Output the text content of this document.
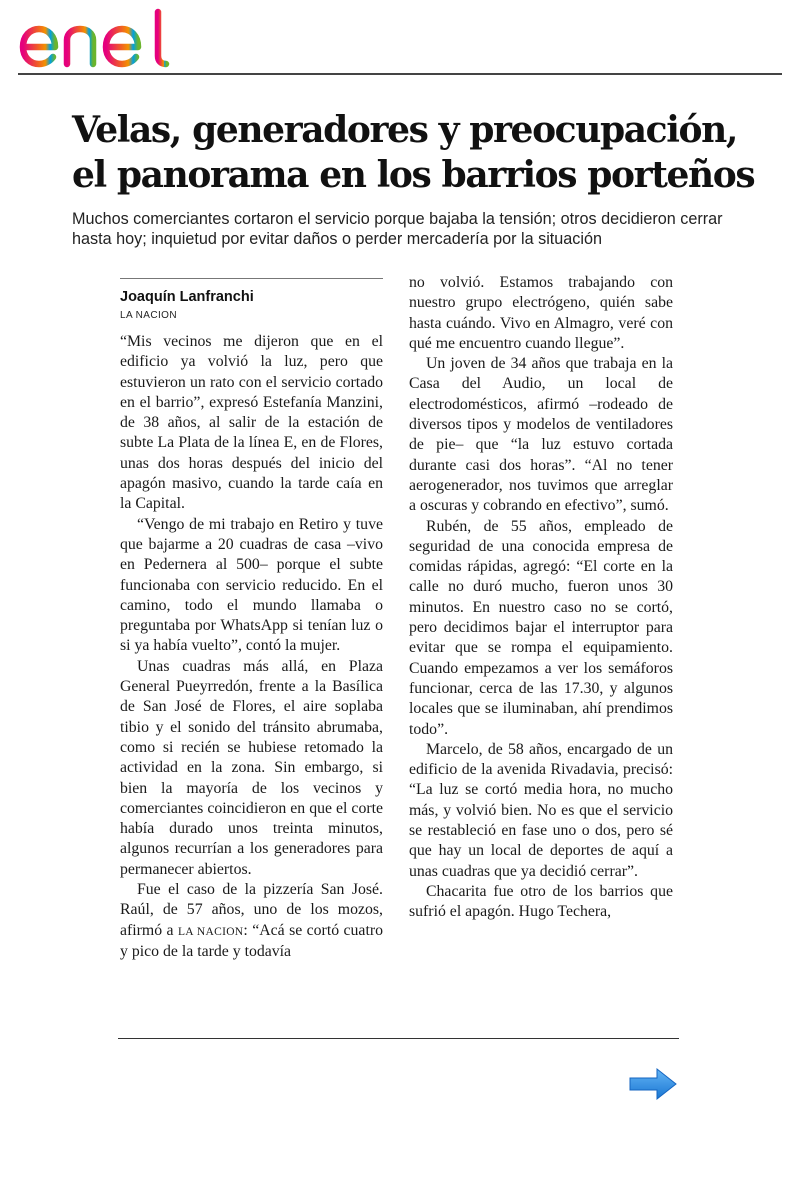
Velas, generadores y preocupación, el panorama en los barrios porteños

Muchos comerciantes cortaron el servicio porque bajaba la tensión; otros decidieron cerrar hasta hoy; inquietud por evitar daños o perder mercadería por la situación

Joaquín Lanfranchi

LA NACION

“Mis vecinos me dijeron que en el edificio ya volvió la luz, pero que estuvieron un rato con el servicio cortado en el barrio”, expresó Estefanía Manzini, de 38 años, al salir de la estación de subte La Plata de la línea E, en de Flores, unas dos horas después del inicio del apagón masivo, cuando la tarde caía en la Capital.

“Vengo de mi trabajo en Retiro y tuve que bajarme a 20 cuadras de casa –vivo en Pedernera al 500– porque el subte funcionaba con servicio reducido. En el camino, todo el mundo llamaba o preguntaba por WhatsApp si tenían luz o si ya había vuelto”, contó la mujer.

Unas cuadras más allá, en Plaza General Pueyrredón, frente a la Basílica de San José de Flores, el aire soplaba tibio y el sonido del tránsito abrumaba, como si recién se hubiese retomado la actividad en la zona. Sin embargo, si bien la mayoría de los vecinos y comerciantes coincidieron en que el corte había durado unos treinta minutos, algunos recurrían a los generadores para permanecer abiertos.

Fue el caso de la pizzería San José. Raúl, de 57 años, uno de los mozos, afirmó a LA NACION: “Acá se cortó cuatro y pico de la tarde y todavía

no volvió. Estamos trabajando con nuestro grupo electrógeno, quién sabe hasta cuándo. Vivo en Almagro, veré con qué me encuentro cuando llegue”.

Un joven de 34 años que trabaja en la Casa del Audio, un local de electrodomésticos, afirmó –rodeado de diversos tipos y modelos de ventiladores de pie– que “la luz estuvo cortada durante casi dos horas”. “Al no tener aerogenerador, nos tuvimos que arreglar a oscuras y cobrando en efectivo”, sumó.

Rubén, de 55 años, empleado de seguridad de una conocida empresa de comidas rápidas, agregó: “El corte en la calle no duró mucho, fueron unos 30 minutos. En nuestro caso no se cortó, pero decidimos bajar el interruptor para evitar que se rompa el equipamiento. Cuando empezamos a ver los semáforos funcionar, cerca de las 17.30, y algunos locales que se iluminaban, ahí prendimos todo”.

Marcelo, de 58 años, encargado de un edificio de la avenida Rivadavia, precisó: “La luz se cortó media hora, no mucho más, y volvió bien. No es que el servicio se restableció en fase uno o dos, pero sé que hay un local de deportes de aquí a unas cuadras que ya decidió cerrar”.

Chacarita fue otro de los barrios que sufrió el apagón. Hugo Techera,
